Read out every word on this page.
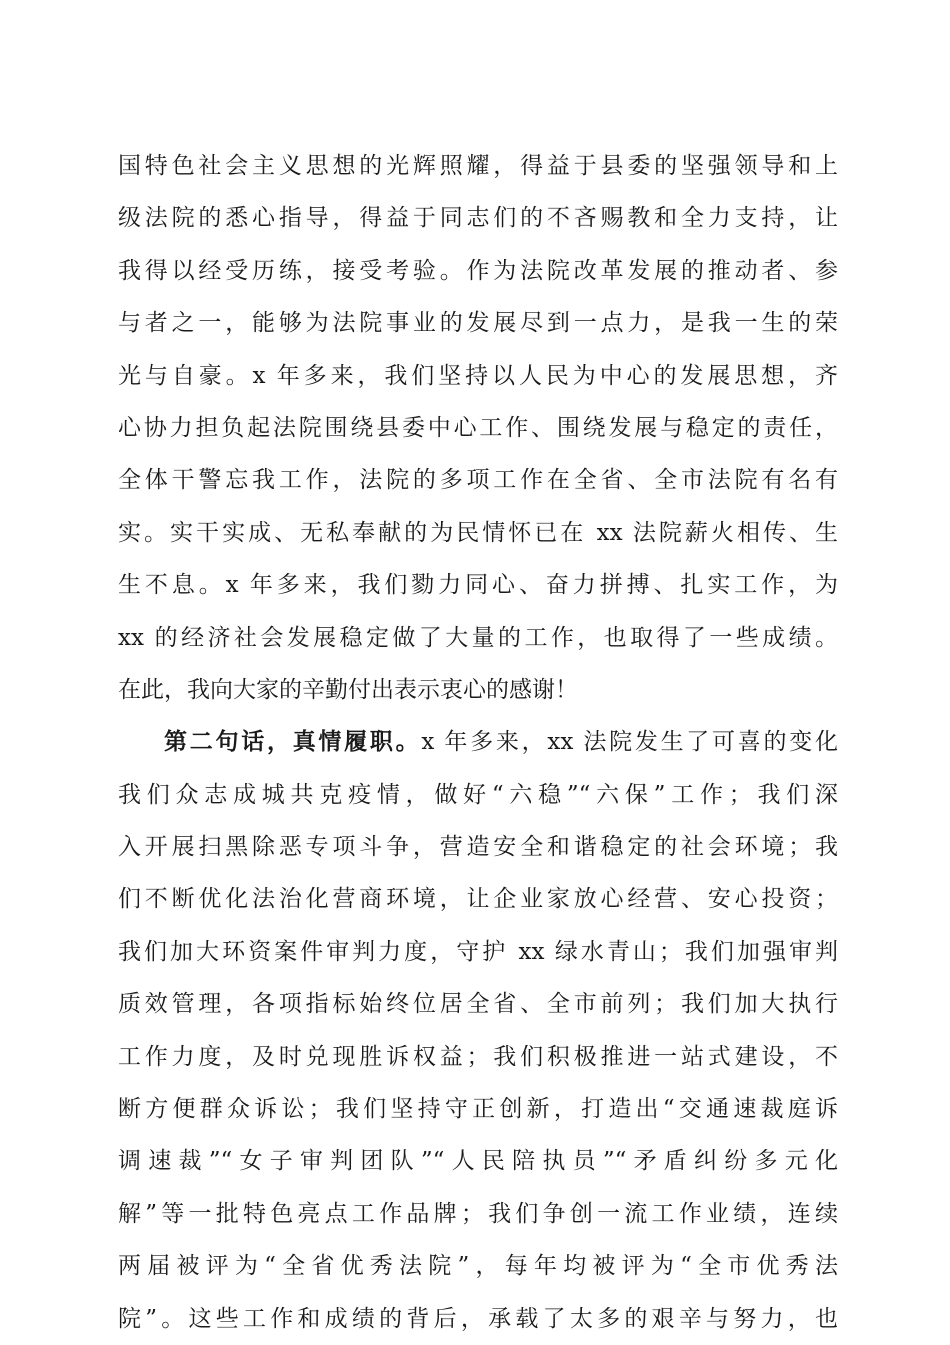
国特色社会主义思想的光辉照耀，得益于县委的坚强领导和上
级法院的悉心指导，得益于同志们的不吝赐教和全力支持，让
我得以经受历练，接受考验。作为法院改革发展的推动者、参
与者之一，能够为法院事业的发展尽到一点力，是我一生的荣
光与自豪。x 年多来，我们坚持以人民为中心的发展思想，齐
心协力担负起法院围绕县委中心工作、围绕发展与稳定的责任，
全体干警忘我工作，法院的多项工作在全省、全市法院有名有
实。实干实成、无私奉献的为民情怀已在 xx 法院薪火相传、生
生不息。x 年多来，我们勠力同心、奋力拼搏、扎实工作，为
xx 的经济社会发展稳定做了大量的工作，也取得了一些成绩。
在此，我向大家的辛勤付出表示衷心的感谢！
第二句话，真情履职。x 年多来，xx 法院发生了可喜的变化
我们众志成城共克疫情，做好“六稳”“六保”工作；我们深
入开展扫黑除恶专项斗争，营造安全和谐稳定的社会环境；我
们不断优化法治化营商环境，让企业家放心经营、安心投资；
我们加大环资案件审判力度，守护 xx 绿水青山；我们加强审判
质效管理，各项指标始终位居全省、全市前列；我们加大执行
工作力度，及时兑现胜诉权益；我们积极推进一站式建设，不
断方便群众诉讼；我们坚持守正创新，打造出“交通速裁庭诉
调速裁”“女子审判团队”“人民陪执员”“矛盾纠纷多元化
解”等一批特色亮点工作品牌；我们争创一流工作业绩，连续
两届被评为“全省优秀法院”，每年均被评为“全市优秀法
院”。这些工作和成绩的背后，承载了太多的艰辛与努力，也
